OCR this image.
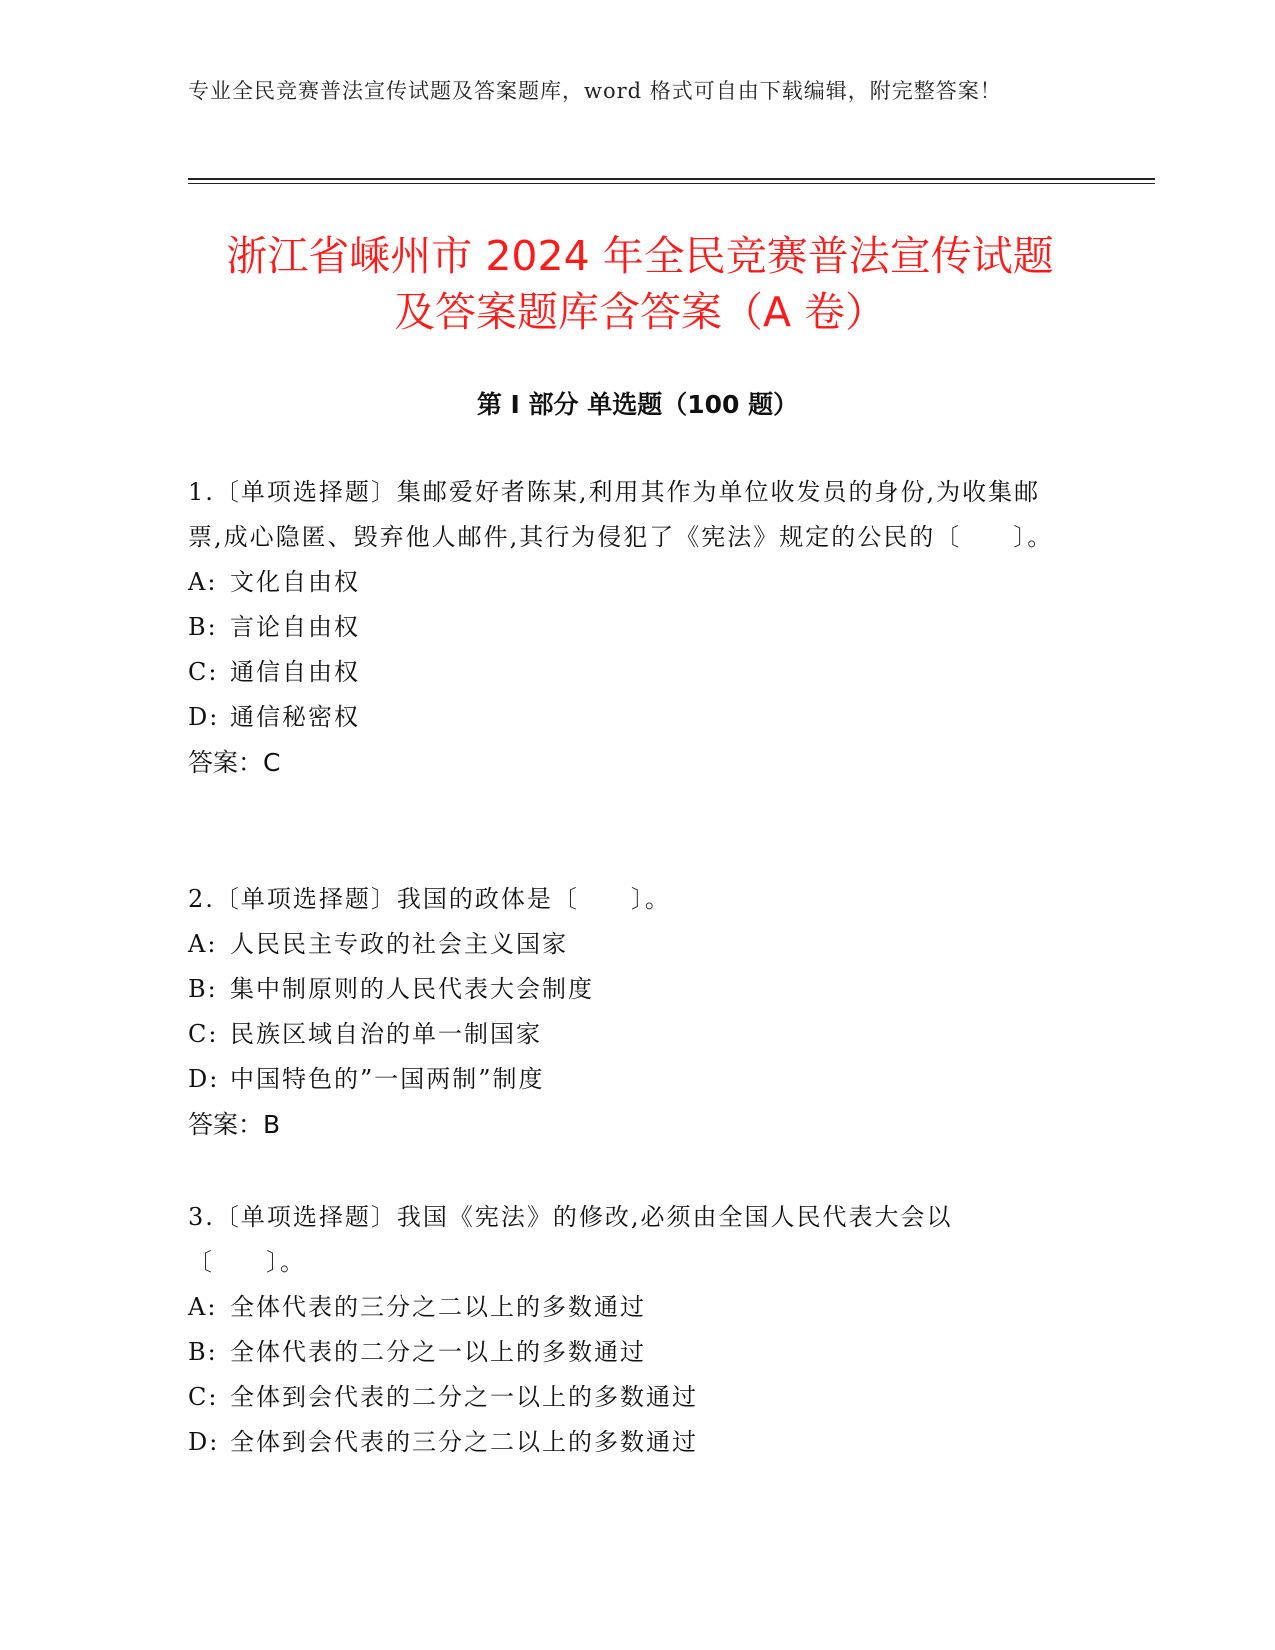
专业全民竞赛普法宣传试题及答案题库，word 格式可自由下载编辑，附完整答案！
浙江省嵊州市 2024 年全民竞赛普法宣传试题
及答案题库含答案（A 卷）
第 I 部分 单选题（100 题）

1.〔单项选择题〕集邮爱好者陈某,利用其作为单位收发员的身份,为收集邮票,成心隐匿、毁弃他人邮件,其行为侵犯了《宪法》规定的公民的〔　　〕。

A: 文化自由权

B: 言论自由权

C: 通信自由权

D: 通信秘密权

答案：C

2.〔单项选择题〕我国的政体是〔　　〕。

A: 人民民主专政的社会主义国家

B: 集中制原则的人民代表大会制度

C: 民族区域自治的单一制国家

D: 中国特色的”一国两制”制度

答案：B

3.〔单项选择题〕我国《宪法》的修改,必须由全国人民代表大会以〔　　〕。

A: 全体代表的三分之二以上的多数通过

B: 全体代表的二分之一以上的多数通过

C: 全体到会代表的二分之一以上的多数通过

D: 全体到会代表的三分之二以上的多数通过
